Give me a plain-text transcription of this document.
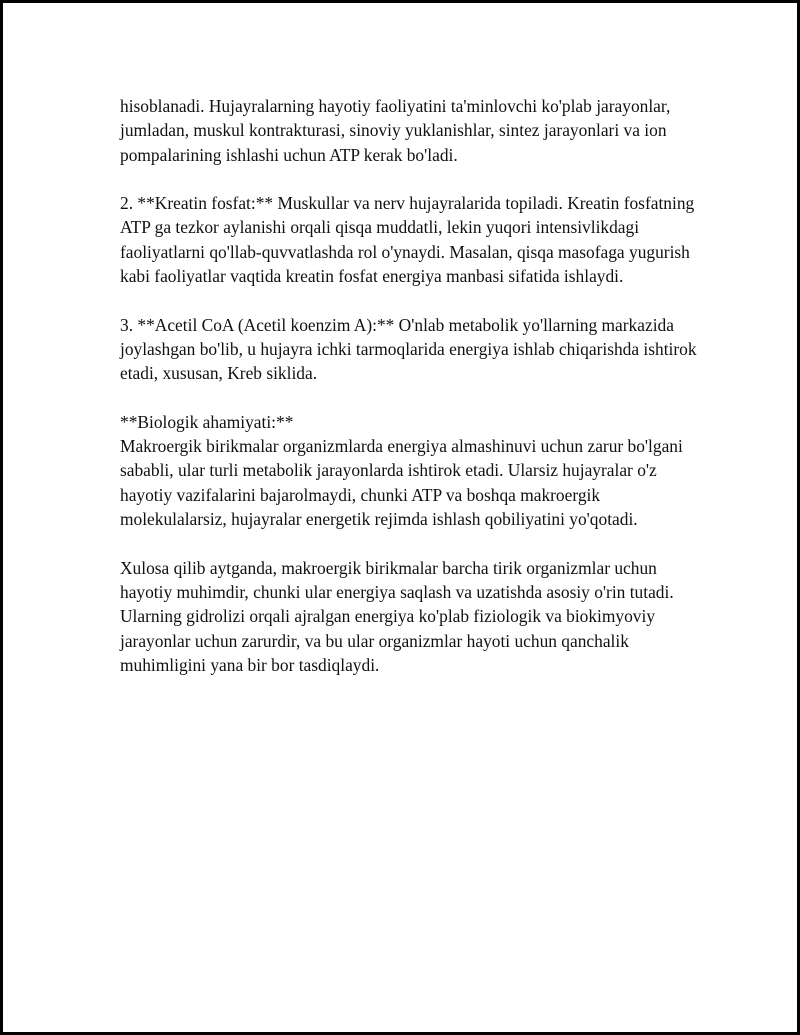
hisoblanadi. Hujayralarning hayotiy faoliyatini ta'minlovchi ko'plab jarayonlar, jumladan, muskul kontrakturasi, sinoviy yuklanishlar, sintez jarayonlari va ion pompalarining ishlashi uchun ATP kerak bo'ladi.

2. **Kreatin fosfat:** Muskullar va nerv hujayralarida topiladi. Kreatin fosfatning ATP ga tezkor aylanishi orqali qisqa muddatli, lekin yuqori intensivlikdagi faoliyatlarni qo'llab-quvvatlashda rol o'ynaydi. Masalan, qisqa masofaga yugurish kabi faoliyatlar vaqtida kreatin fosfat energiya manbasi sifatida ishlaydi.

3. **Acetil CoA (Acetil koenzim A):** O'nlab metabolik yo'llarning markazida joylashgan bo'lib, u hujayra ichki tarmoqlarida energiya ishlab chiqarishda ishtirok etadi, xususan, Kreb siklida.

**Biologik ahamiyati:**

Makroergik birikmalar organizmlarda energiya almashinuvi uchun zarur bo'lgani sababli, ular turli metabolik jarayonlarda ishtirok etadi. Ularsiz hujayralar o'z hayotiy vazifalarini bajarolmaydi, chunki ATP va boshqa makroergik molekulalarsiz, hujayralar energetik rejimda ishlash qobiliyatini yo'qotadi.

Xulosa qilib aytganda, makroergik birikmalar barcha tirik organizmlar uchun hayotiy muhimdir, chunki ular energiya saqlash va uzatishda asosiy o'rin tutadi. Ularning gidrolizi orqali ajralgan energiya ko'plab fiziologik va biokimyoviy jarayonlar uchun zarurdir, va bu ular organizmlar hayoti uchun qanchalik muhimligini yana bir bor tasdiqlaydi.
